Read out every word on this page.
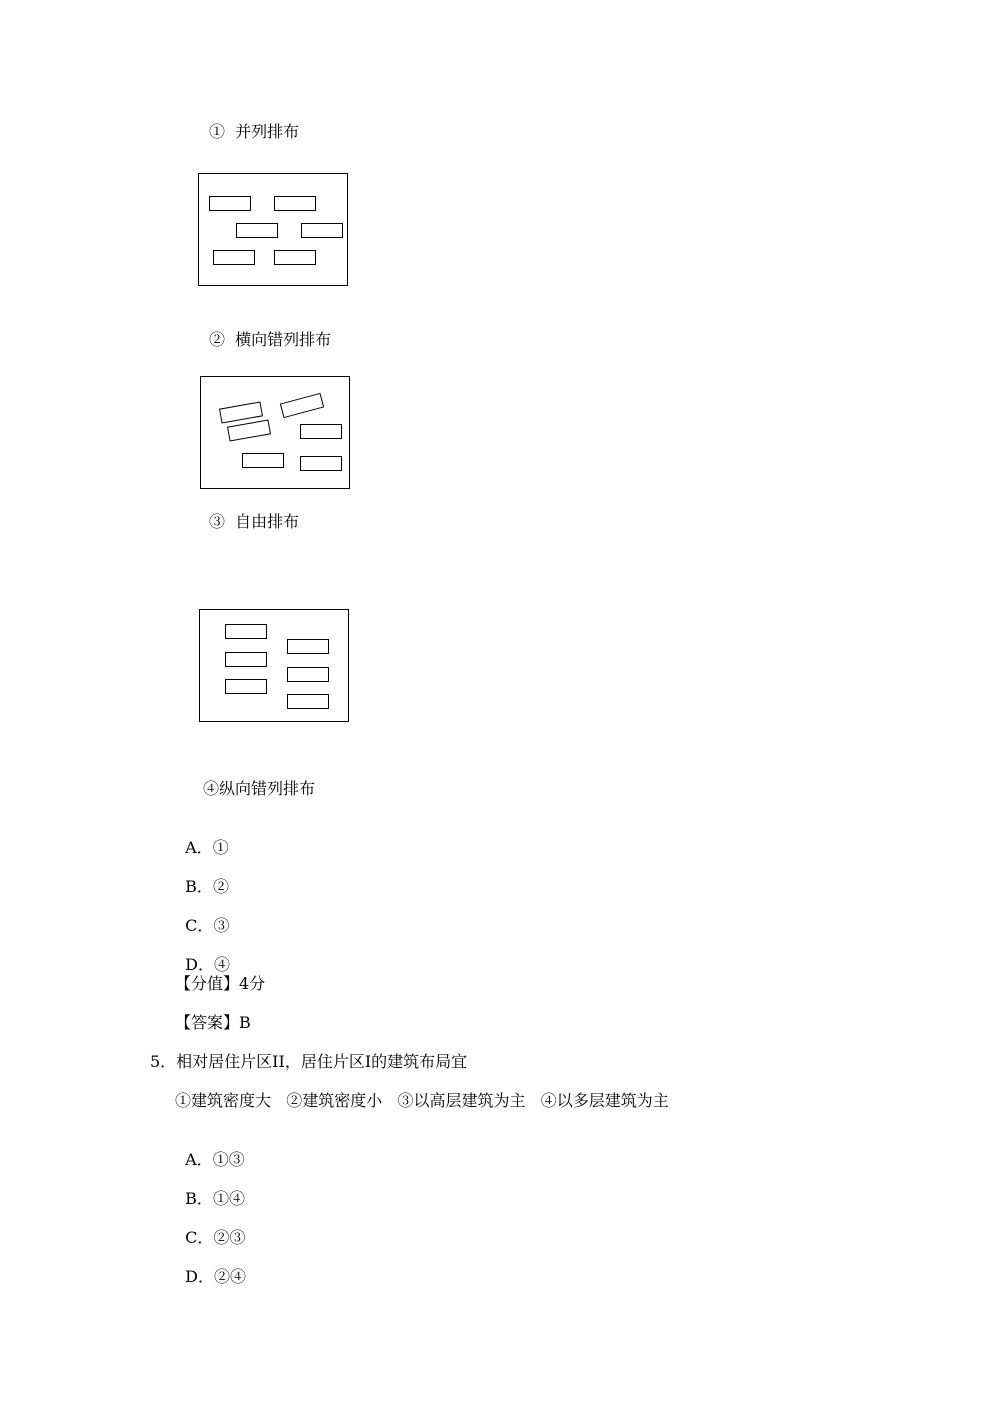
①  并列排布
②  横向错列排布
③  自由排布
④纵向错列排布

A．①

B．②

C．③

D．④

【分值】4分
【答案】B
5．相对居住片区II，居住片区I的建筑布局宜
①建筑密度大   ②建筑密度小   ③以高层建筑为主   ④以多层建筑为主

A．①③

B．①④

C．②③

D．②④
